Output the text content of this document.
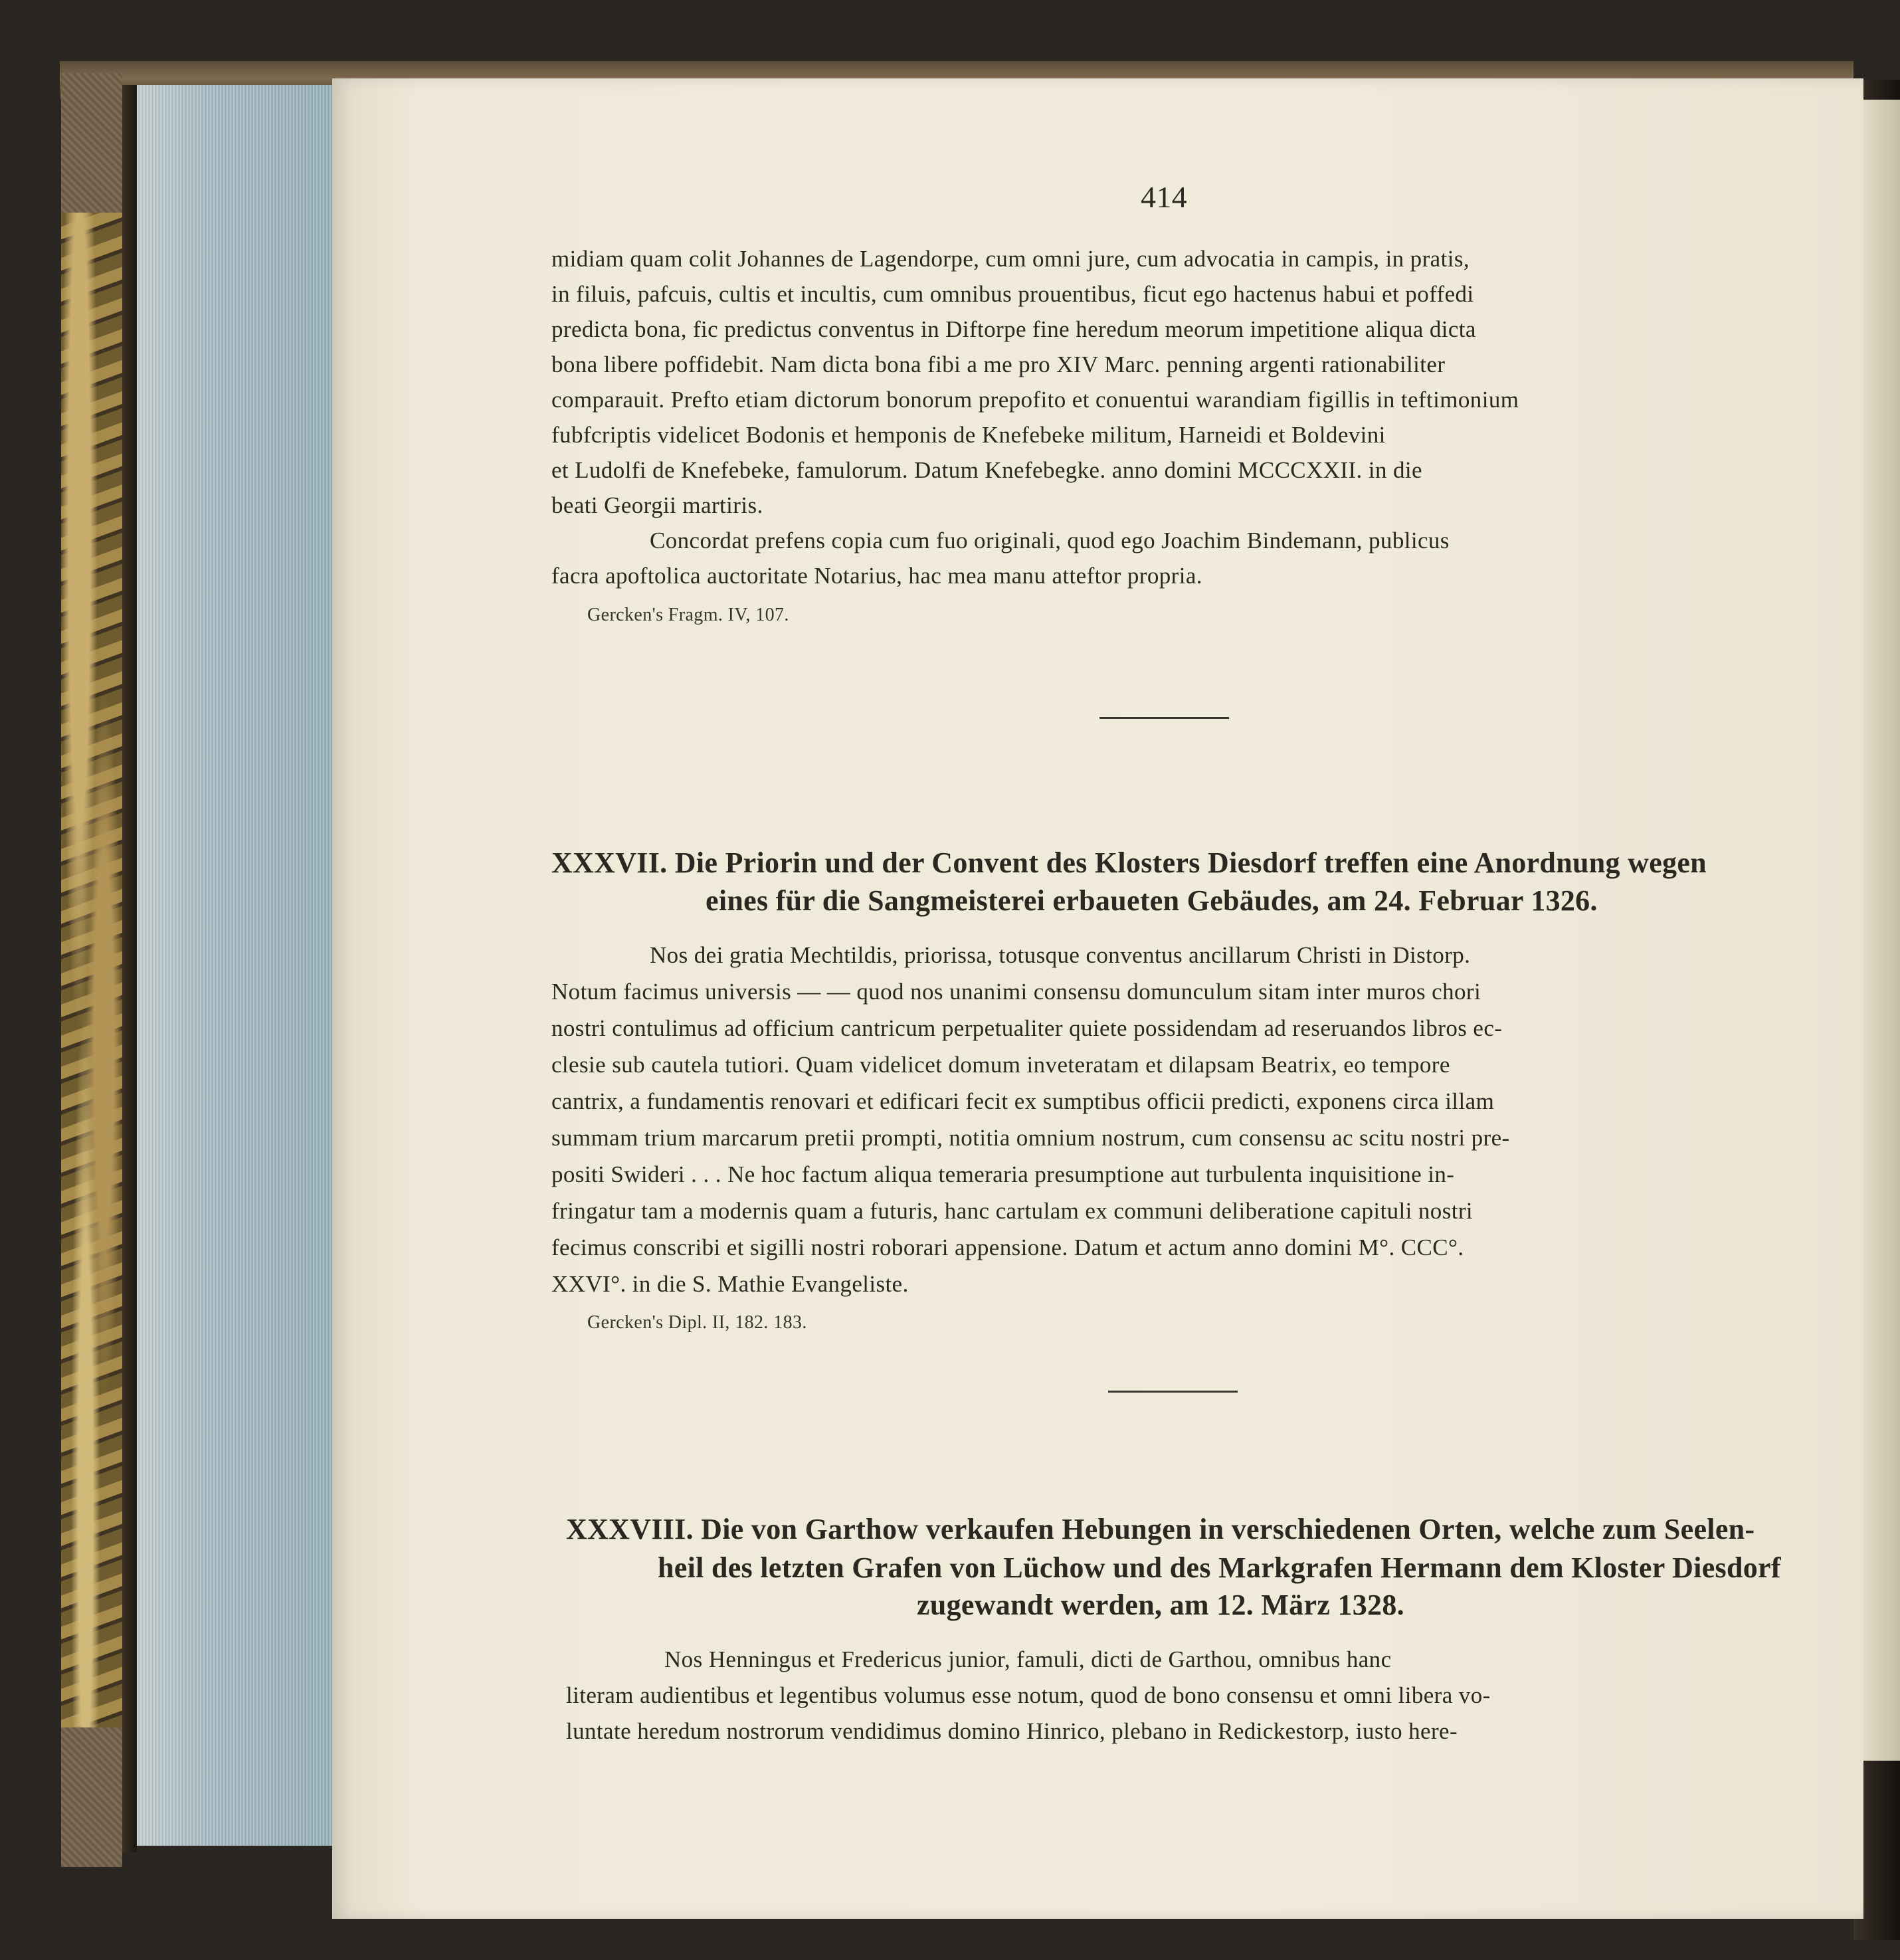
414
midiam quam colit Johannes de Lagendorpe, cum omni jure, cum advocatia in campis, in pratis,
in filuis, pafcuis, cultis et incultis, cum omnibus prouentibus, ficut ego hactenus habui et poffedi
predicta bona, fic predictus conventus in Diftorpe fine heredum meorum impetitione aliqua dicta
bona libere poffidebit. Nam dicta bona fibi a me pro XIV Marc. penning argenti rationabiliter
comparauit. Prefto etiam dictorum bonorum prepofito et conuentui warandiam figillis in teftimonium
fubfcriptis videlicet Bodonis et hemponis de Knefebeke militum, Harneidi et Boldevini
et Ludolfi de Knefebeke, famulorum. Datum Knefebegke. anno domini MCCCXXII. in die
beati Georgii martiris.
Concordat prefens copia cum fuo originali, quod ego Joachim Bindemann, publicus
facra apoftolica auctoritate Notarius, hac mea manu atteftor propria.
Gercken's Fragm. IV, 107.
XXXVII. Die Priorin und der Convent des Klosters Diesdorf treffen eine Anordnung wegen
eines für die Sangmeisterei erbaueten Gebäudes, am 24. Februar 1326.
Nos dei gratia Mechtildis, priorissa, totusque conventus ancillarum Christi in Distorp.
Notum facimus universis — — quod nos unanimi consensu domunculum sitam inter muros chori
nostri contulimus ad officium cantricum perpetualiter quiete possidendam ad reseruandos libros ec-
clesie sub cautela tutiori. Quam videlicet domum inveteratam et dilapsam Beatrix, eo tempore
cantrix, a fundamentis renovari et edificari fecit ex sumptibus officii predicti, exponens circa illam
summam trium marcarum pretii prompti, notitia omnium nostrum, cum consensu ac scitu nostri pre-
positi Swideri . . . Ne hoc factum aliqua temeraria presumptione aut turbulenta inquisitione in-
fringatur tam a modernis quam a futuris, hanc cartulam ex communi deliberatione capituli nostri
fecimus conscribi et sigilli nostri roborari appensione. Datum et actum anno domini M°. CCC°.
XXVI°. in die S. Mathie Evangeliste.
Gercken's Dipl. II, 182. 183.
XXXVIII. Die von Garthow verkaufen Hebungen in verschiedenen Orten, welche zum Seelen-
heil des letzten Grafen von Lüchow und des Markgrafen Hermann dem Kloster Diesdorf
zugewandt werden, am 12. März 1328.
Nos Henningus et Fredericus junior, famuli, dicti de Garthou, omnibus hanc
literam audientibus et legentibus volumus esse notum, quod de bono consensu et omni libera vo-
luntate heredum nostrorum vendidimus domino Hinrico, plebano in Redickestorp, iusto here-
